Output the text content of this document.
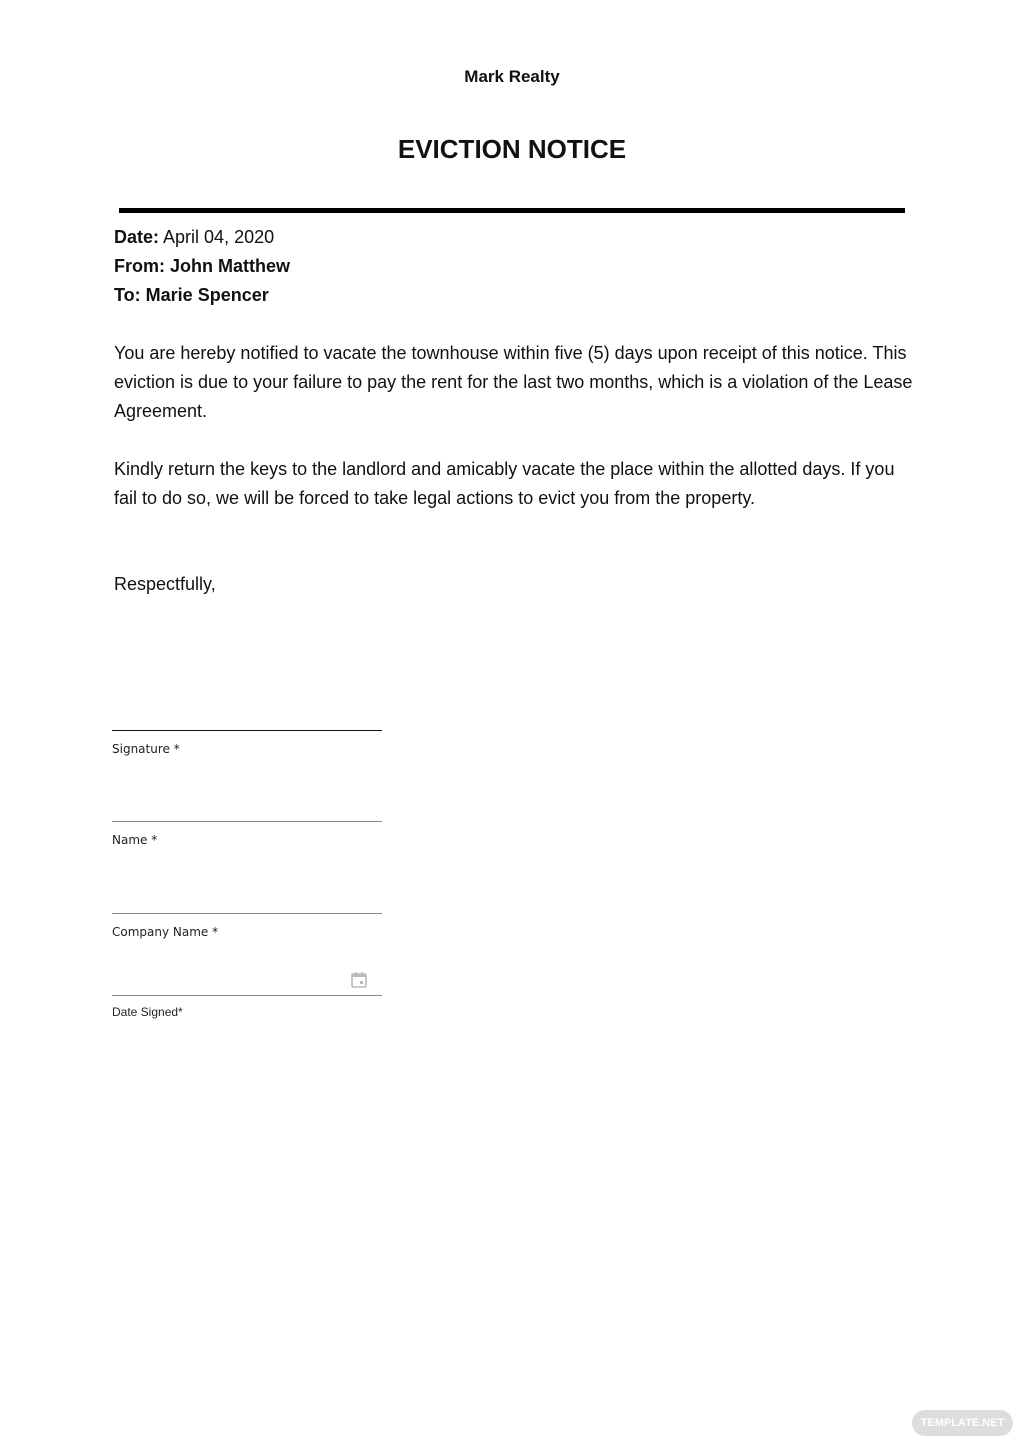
Mark Realty
EVICTION NOTICE
Date: April 04, 2020
From: John Matthew
To: Marie Spencer
You are hereby notified to vacate the townhouse within five (5) days upon receipt of this notice. This eviction is due to your failure to pay the rent for the last two months, which is a violation of the Lease Agreement.
Kindly return the keys to the landlord and amicably vacate the place within the allotted days. If you fail to do so, we will be forced to take legal actions to evict you from the property.
Respectfully,
Signature *
Name *
Company Name *
Date Signed*
TEMPLATE.NET
